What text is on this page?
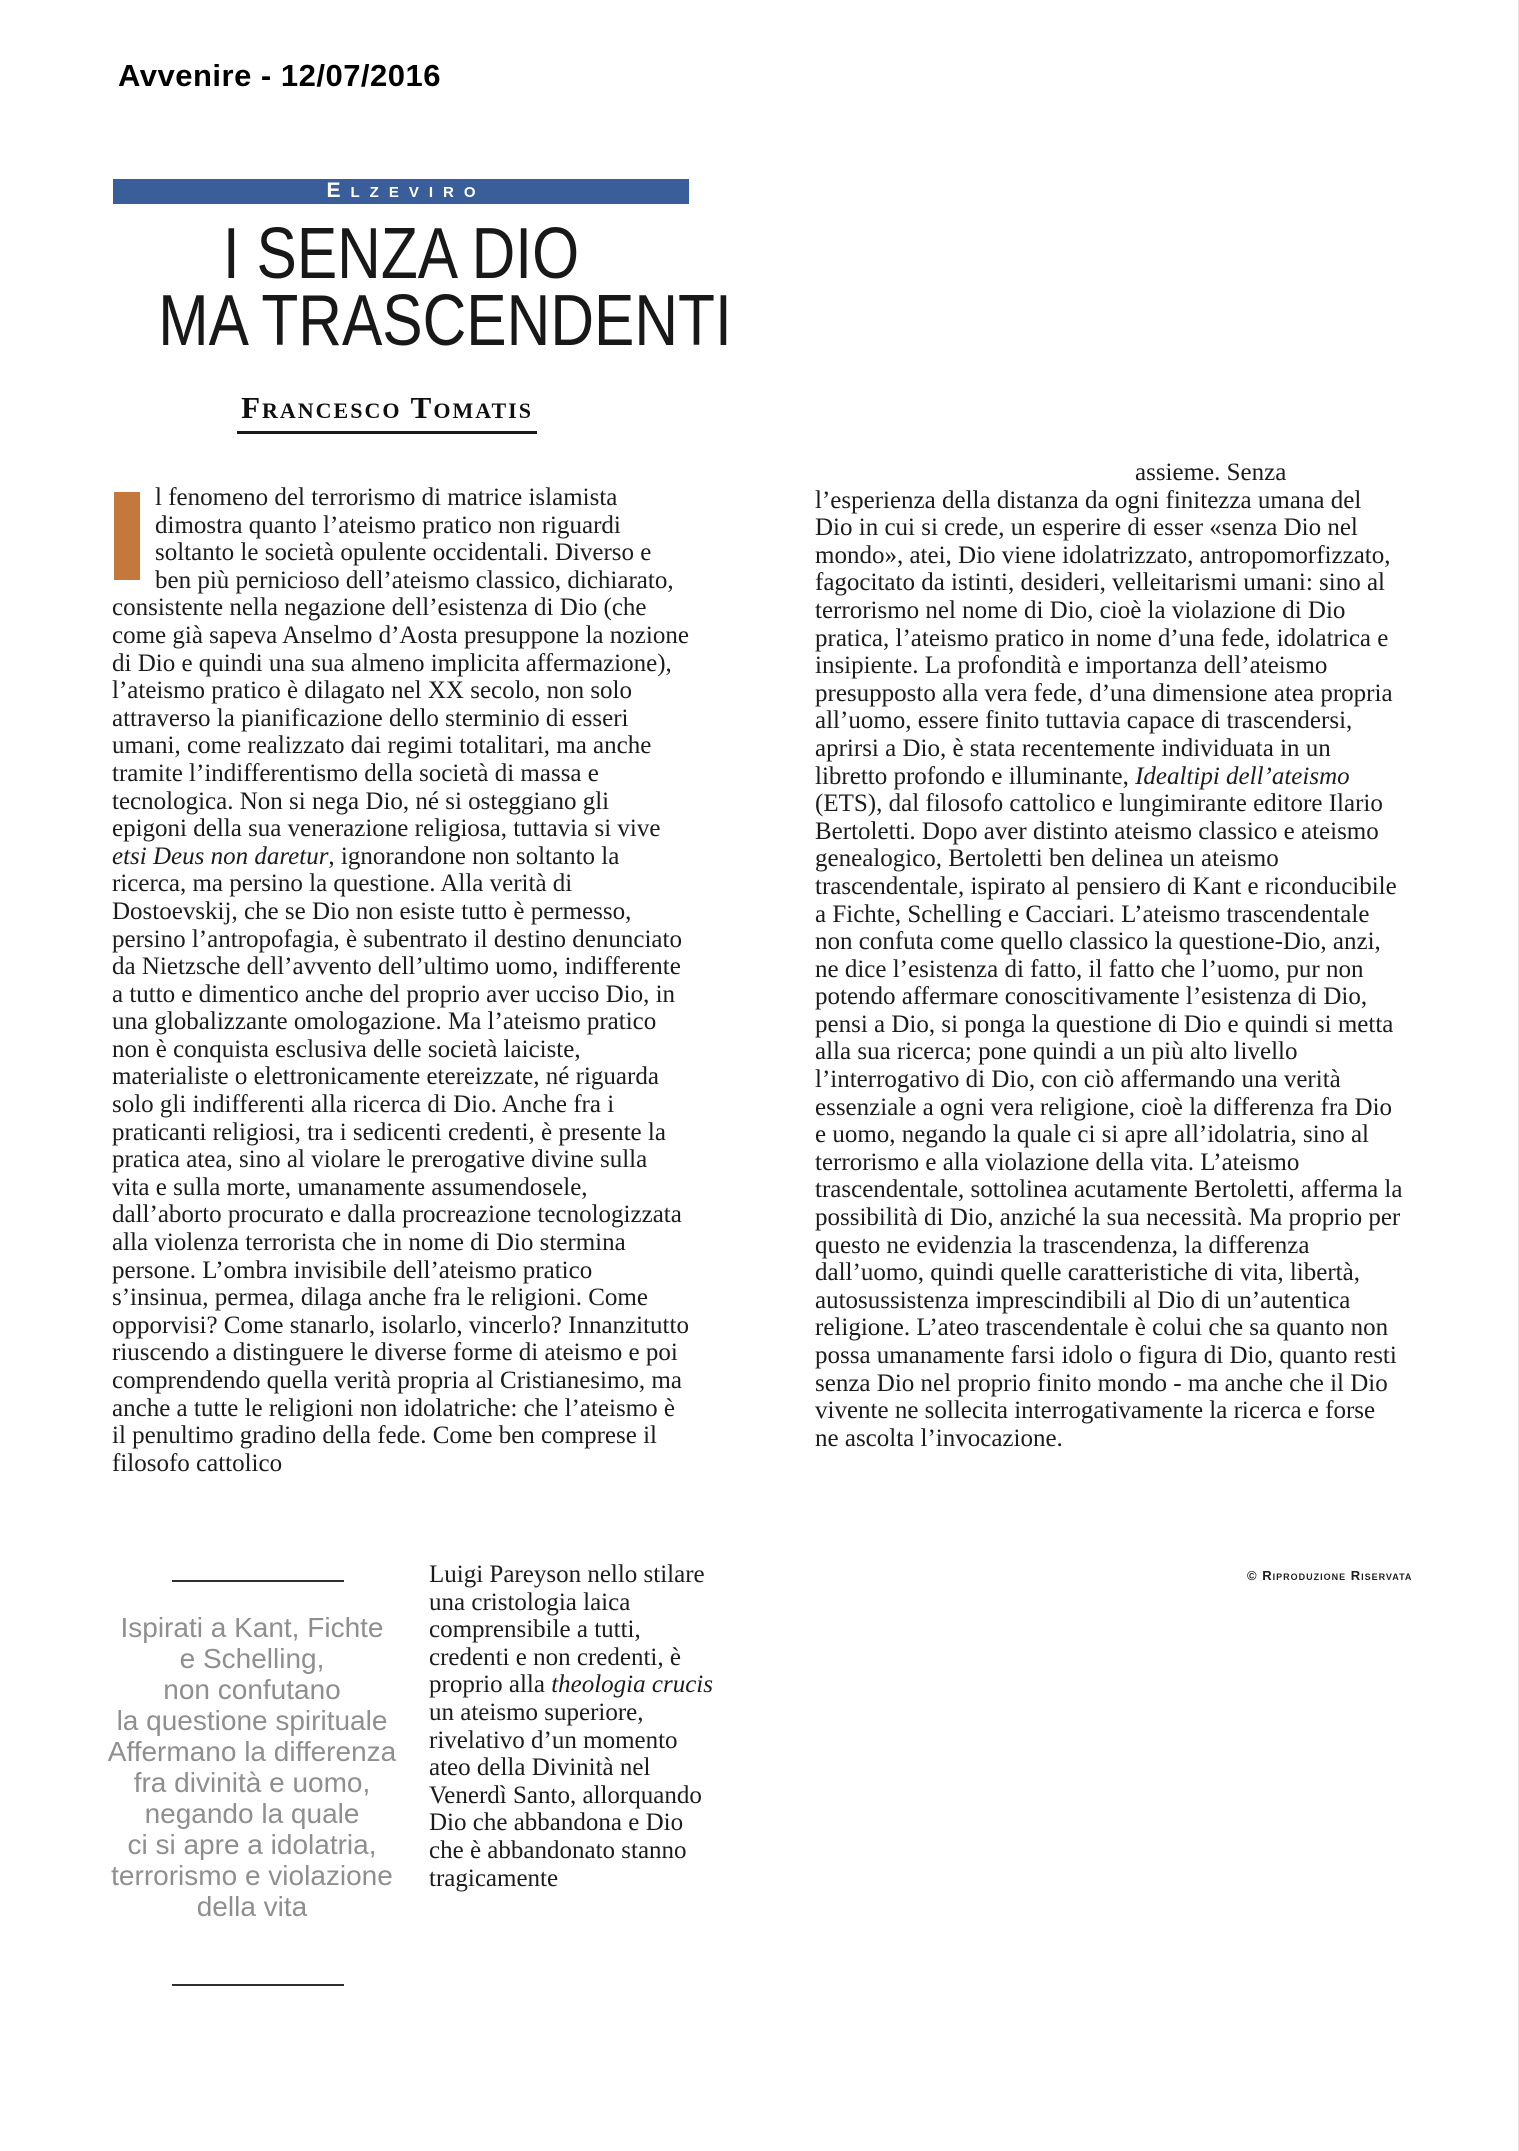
Avvenire - 12/07/2016
Elzeviro
I SENZA DIO
MA TRASCENDENTI
Francesco Tomatis
l fenomeno del terrorismo di matrice islamista dimostra quanto l’ateismo pratico non riguardi soltanto le società opulente occidentali. Diverso e ben più pernicioso dell’ateismo classico, dichiarato, consistente nella negazione dell’esistenza di Dio (che come già sapeva Anselmo d’Aosta presuppone la nozione di Dio e quindi una sua almeno implicita affermazione), l’ateismo pratico è dilagato nel XX secolo, non solo attraverso la pianificazione dello sterminio di esseri umani, come realizzato dai regimi totalitari, ma anche tramite l’indifferentismo della società di massa e tecnologica. Non si nega Dio, né si osteggiano gli epigoni della sua venerazione religiosa, tuttavia si vive etsi Deus non daretur, ignorandone non soltanto la ricerca, ma persino la questione. Alla verità di Dostoevskij, che se Dio non esiste tutto è permesso, persino l’antropofagia, è subentrato il destino denunciato da Nietzsche dell’avvento dell’ultimo uomo, indifferente a tutto e dimentico anche del proprio aver ucciso Dio, in una globalizzante omologazione. Ma l’ateismo pratico non è conquista esclusiva delle società laiciste, materialiste o elettronicamente etereizzate, né riguarda solo gli indifferenti alla ricerca di Dio. Anche fra i praticanti religiosi, tra i sedicenti credenti, è presente la pratica atea, sino al violare le prerogative divine sulla vita e sulla morte, umanamente assumendosele, dall’aborto procurato e dalla procreazione tecnologizzata alla violenza terrorista che in nome di Dio stermina persone. L’ombra invisibile dell’ateismo pratico s’insinua, permea, dilaga anche fra le religioni. Come opporvisi? Come stanarlo, isolarlo, vincerlo? Innanzitutto riuscendo a distinguere le diverse forme di ateismo e poi comprendendo quella verità propria al Cristianesimo, ma anche a tutte le religioni non idolatriche: che l’ateismo è il penultimo gradino della fede. Come ben comprese il filosofo cattolico
Ispirati a Kant, Fichte
e Schelling,
non confutano
la questione spirituale
Affermano la differenza
fra divinità e uomo,
negando la quale
ci si apre a idolatria,
terrorismo e violazione
della vita
Luigi Pareyson nello stilare una cristologia laica comprensibile a tutti, credenti e non credenti, è proprio alla theologia crucis un ateismo superiore, rivelativo d’un momento ateo della Divinità nel Venerdì Santo, allorquando Dio che abbandona e Dio che è abbandonato stanno tragicamente
assieme. Senza
l’esperienza della distanza da ogni finitezza umana del Dio in cui si crede, un esperire di esser «senza Dio nel mondo», atei, Dio viene idolatrizzato, antropomorfizzato, fagocitato da istinti, desideri, velleitarismi umani: sino al terrorismo nel nome di Dio, cioè la violazione di Dio pratica, l’ateismo pratico in nome d’una fede, idolatrica e insipiente. La profondità e importanza dell’ateismo presupposto alla vera fede, d’una dimensione atea propria all’uomo, essere finito tuttavia capace di trascendersi, aprirsi a Dio, è stata recentemente individuata in un libretto profondo e illuminante, Idealtipi dell’ateismo (ETS), dal filosofo cattolico e lungimirante editore Ilario Bertoletti. Dopo aver distinto ateismo classico e ateismo genealogico, Bertoletti ben delinea un ateismo trascendentale, ispirato al pensiero di Kant e riconducibile a Fichte, Schelling e Cacciari. L’ateismo trascendentale non confuta come quello classico la questione-Dio, anzi, ne dice l’esistenza di fatto, il fatto che l’uomo, pur non potendo affermare conoscitivamente l’esistenza di Dio, pensi a Dio, si ponga la questione di Dio e quindi si metta alla sua ricerca; pone quindi a un più alto livello l’interrogativo di Dio, con ciò affermando una verità essenziale a ogni vera religione, cioè la differenza fra Dio e uomo, negando la quale ci si apre all’idolatria, sino al terrorismo e alla violazione della vita. L’ateismo trascendentale, sottolinea acutamente Bertoletti, afferma la possibilità di Dio, anziché la sua necessità. Ma proprio per questo ne evidenzia la trascendenza, la differenza dall’uomo, quindi quelle caratteristiche di vita, libertà, autosussistenza imprescindibili al Dio di un’autentica religione. L’ateo trascendentale è colui che sa quanto non possa umanamente farsi idolo o figura di Dio, quanto resti senza Dio nel proprio finito mondo - ma anche che il Dio vivente ne sollecita interrogativamente la ricerca e forse ne ascolta l’invocazione.
© Riproduzione Riservata
